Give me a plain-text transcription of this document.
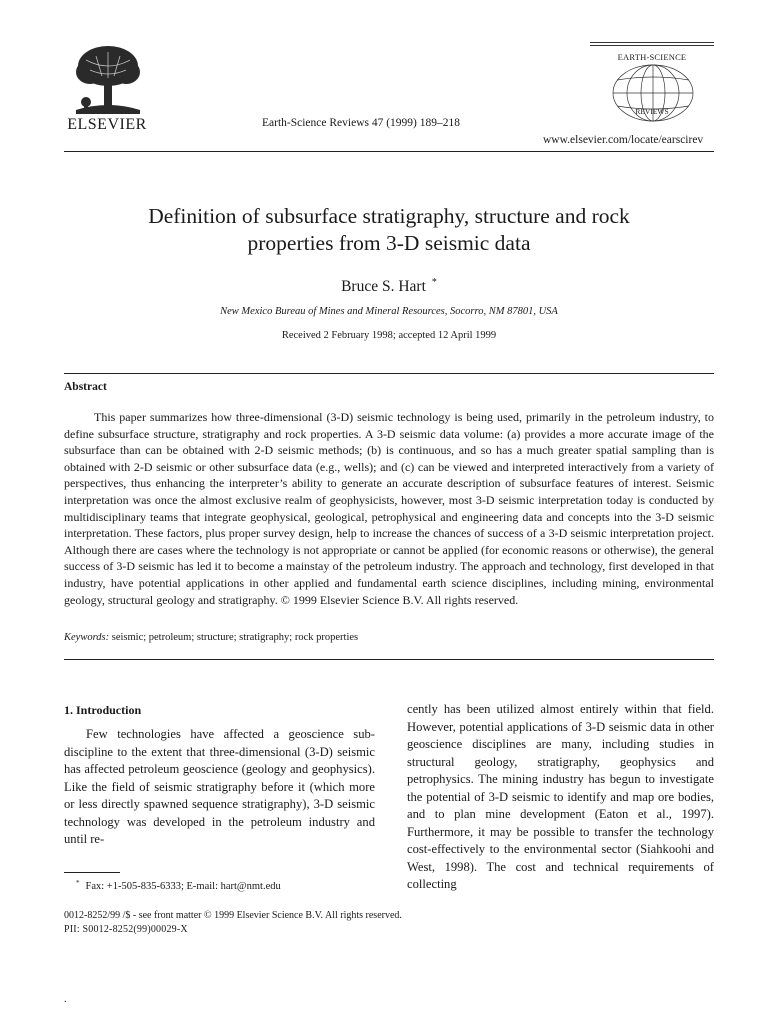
ELSEVIER	Earth-Science Reviews 47 (1999) 189–218
EARTH-SCIENCE
REVIEWS
www.elsevier.com/locate/earscirev
Definition of subsurface stratigraphy, structure and rock
properties from 3-D seismic data
Bruce S. Hart *
New Mexico Bureau of Mines and Mineral Resources, Socorro, NM 87801, USA
Received 2 February 1998; accepted 12 April 1999
Abstract
This paper summarizes how three-dimensional (3-D) seismic technology is being used, primarily in the petroleum industry, to define subsurface structure, stratigraphy and rock properties. A 3-D seismic data volume: (a) provides a more accurate image of the subsurface than can be obtained with 2-D seismic methods; (b) is continuous, and so has a much greater spatial sampling than is obtained with 2-D seismic or other subsurface data (e.g., wells); and (c) can be viewed and interpreted interactively from a variety of perspectives, thus enhancing the interpreter’s ability to generate an accurate description of subsurface features of interest. Seismic interpretation was once the almost exclusive realm of geophysicists, however, most 3-D seismic interpretation today is conducted by multidisciplinary teams that integrate geophysical, geological, petrophysical and engineering data and concepts into the 3-D seismic interpretation. These factors, plus proper survey design, help to increase the chances of success of a 3-D seismic interpretation project. Although there are cases where the technology is not appropriate or cannot be applied (for economic reasons or otherwise), the general success of 3-D seismic has led it to become a mainstay of the petroleum industry. The approach and technology, first developed in that industry, have potential applications in other applied and fundamental earth science disciplines, including mining, environmental geology, structural geology and stratigraphy. © 1999 Elsevier Science B.V. All rights reserved.
Keywords: seismic; petroleum; structure; stratigraphy; rock properties
1. Introduction
Few technologies have affected a geoscience sub-discipline to the extent that three-dimensional (3-D) seismic has affected petroleum geoscience (geology and geophysics). Like the field of seismic stratigraphy before it (which more or less directly spawned sequence stratigraphy), 3-D seismic technology was developed in the petroleum industry and until re-
cently has been utilized almost entirely within that field. However, potential applications of 3-D seismic data in other geoscience disciplines are many, including studies in structural geology, stratigraphy, geophysics and petrophysics. The mining industry has begun to investigate the potential of 3-D seismic to identify and map ore bodies, and to plan mine development (Eaton et al., 1997). Furthermore, it may be possible to transfer the technology cost-effectively to the environmental sector (Siahkoohi and West, 1998). The cost and technical requirements of collecting
* Fax: +1-505-835-6333; E-mail: hart@nmt.edu
0012-8252/99 /$ - see front matter © 1999 Elsevier Science B.V. All rights reserved.
PII: S0012-8252(99)00029-X
.
